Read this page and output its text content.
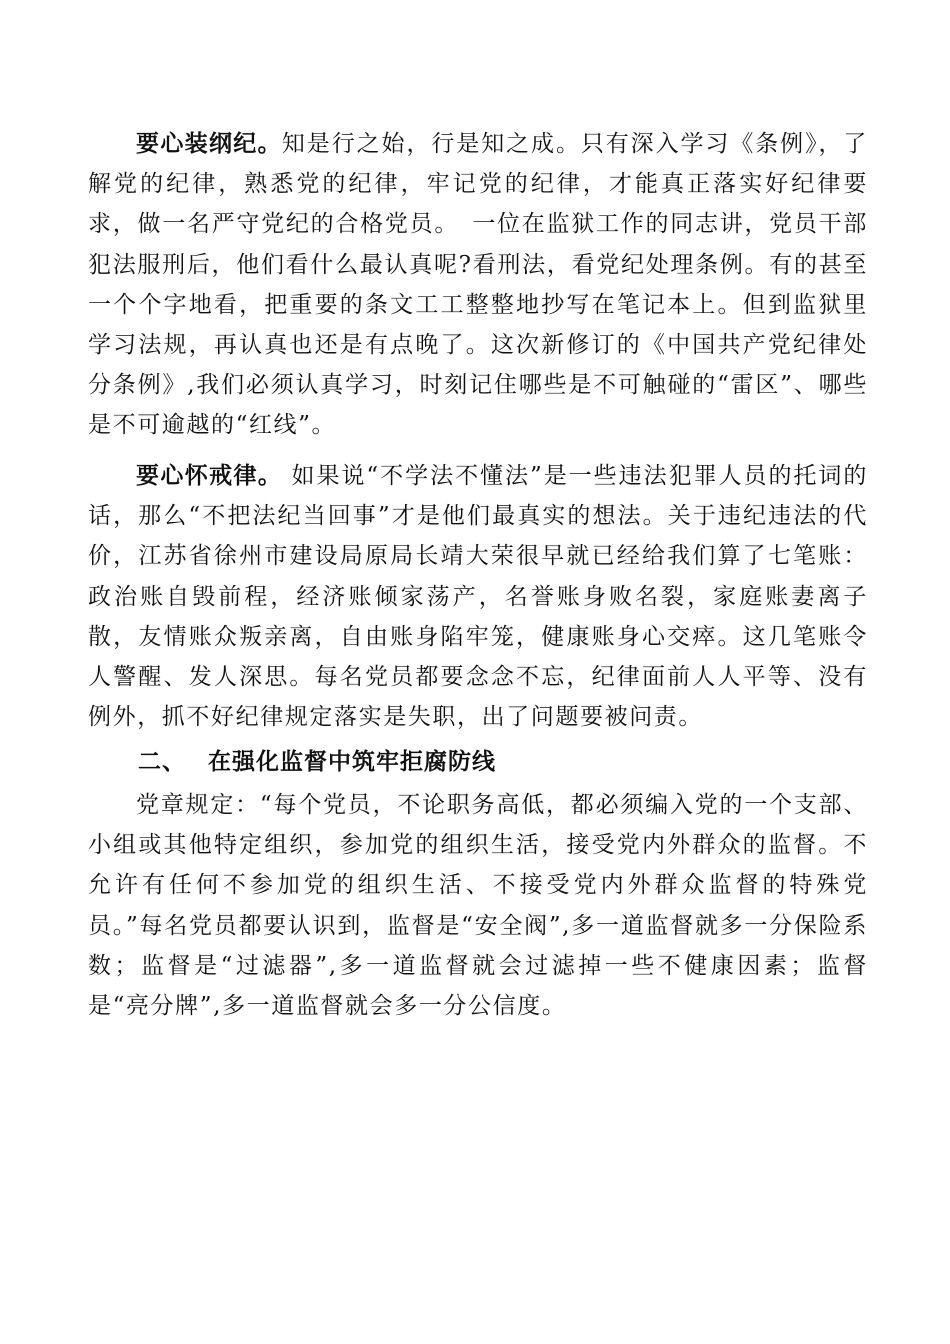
要心装纲纪。知是行之始，行是知之成。只有深入学习《条例》，了解党的纪律，熟悉党的纪律，牢记党的纪律，才能真正落实好纪律要求，做一名严守党纪的合格党员。　一位在监狱工作的同志讲，党员干部犯法服刑后，他们看什么最认真呢?看刑法，看党纪处理条例。有的甚至一个个字地看，把重要的条文工工整整地抄写在笔记本上。但到监狱里学习法规，再认真也还是有点晚了。这次新修订的《中国共产党纪律处分条例》,我们必须认真学习，时刻记住哪些是不可触碰的“雷区”、哪些是不可逾越的“红线”。

要心怀戒律。 如果说“不学法不懂法”是一些违法犯罪人员的托词的话，那么“不把法纪当回事”才是他们最真实的想法。关于违纪违法的代价，江苏省徐州市建设局原局长靖大荣很早就已经给我们算了七笔账：政治账自毁前程，经济账倾家荡产，名誉账身败名裂，家庭账妻离子散，友情账众叛亲离，自由账身陷牢笼，健康账身心交瘁。这几笔账令人警醒、发人深思。每名党员都要念念不忘，纪律面前人人平等、没有例外，抓不好纪律规定落实是失职，出了问题要被问责。

二、 在强化监督中筑牢拒腐防线

党章规定：“每个党员，不论职务高低，都必须编入党的一个支部、小组或其他特定组织，参加党的组织生活，接受党内外群众的监督。不允许有任何不参加党的组织生活、不接受党内外群众监督的特殊党员。”每名党员都要认识到，监督是“安全阀”,多一道监督就多一分保险系数；监督是“过滤器”,多一道监督就会过滤掉一些不健康因素；监督是“亮分牌”,多一道监督就会多一分公信度。
